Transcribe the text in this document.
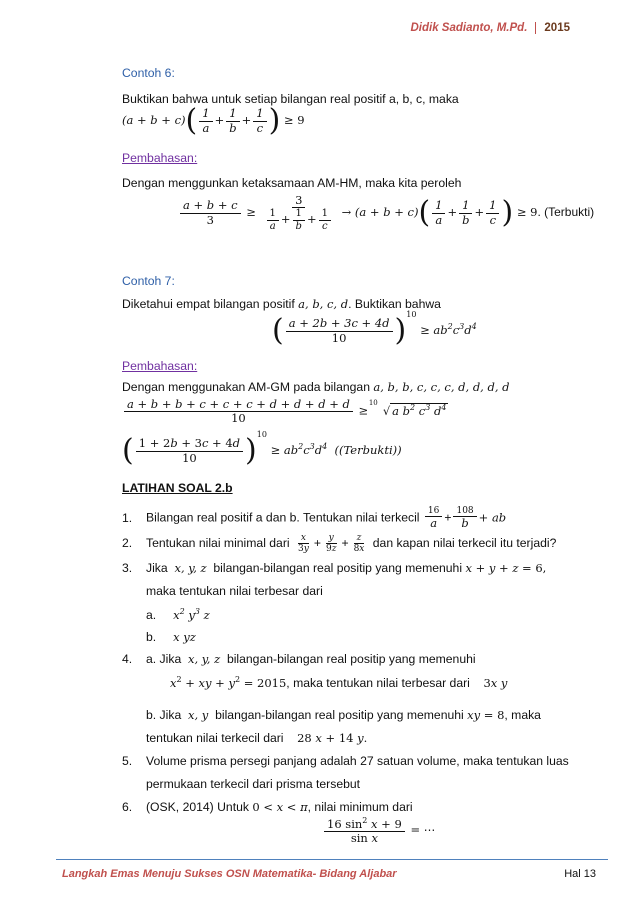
Didik Sadianto, M.Pd.	2015
Contoh 6:
Buktikan bahwa untuk setiap bilangan real positif a, b, c, maka
$(a + b + c)( \frac{1}{a} + \frac{1}{b} + \frac{1}{c}$ ) ≥ 9
Pembahasan:
Dengan menggunkan ketaksamaan AM-HM, maka kita peroleh
$\frac{a + b + c}{3} \ge \frac{3}{\frac{1}{a} + \frac{1}{b} + \frac{1}{c}} \to (a + b + c)( \frac{1}{a} + \frac{1}{b} + \frac{1}{c}$ ) ≥ 9. (Terbukti)
Contoh 7:
Diketahui empat bilangan positif a, b, c, d. Buktikan bahwa
( $\frac{a + 2b + 3c + 4d}{10} )^{10} \ge ab^2c^3d^4$
Pembahasan:
Dengan menggunakan AM-GM pada bilangan a, b, b, c, c, c, d, d, d, d
$\frac{a + b + b + c + c + c + d + d + d + d}{10}$ ≥
10
√ a $b^2$ $c^3$ $d^4$
( $\frac{1 + 2b + 3c + 4d}{10} )^{10} \ge ab^2c^3d^4$ ((Terbukti))
LATIHAN SOAL 2.b
1. Bilangan real positif a dan b. Tentukan nilai terkecil $\frac{16}{a} + \frac{108}{b}$ + ab
2. Tentukan nilai minimal dari $\frac{x}{3y} + \frac{y}{9z} + \frac{z}{8x}$ dan kapan nilai terkecil itu terjadi?
3. Jika x, y, z bilangan-bilangan real positip yang memenuhi x + y + z = 6,
maka tentukan nilai terbesar dari
a. $x^2$ $y^3$ z
b. x yz
4. a. Jika x, y, z bilangan-bilangan real positip yang memenuhi
$x^2$ + xy + $y^2 = 2015$, maka tentukan nilai terbesar dari 3x y
b. Jika x, y bilangan-bilangan real positip yang memenuhi xy = 8, maka
tentukan nilai terkecil dari 28 x + 14 y.
5. Volume prisma persegi panjang adalah 27 satuan volume, maka tentukan luas
permukaan terkecil dari prisma tersebut
6. (OSK, 2014) Untuk 0 < x < π, nilai minimum dari
$\frac{16 \sin^2 x + 9}{\text{sin x}}$ = ⋯
Langkah Emas Menuju Sukses OSN Matematika- Bidang Aljabar	Hal 13
